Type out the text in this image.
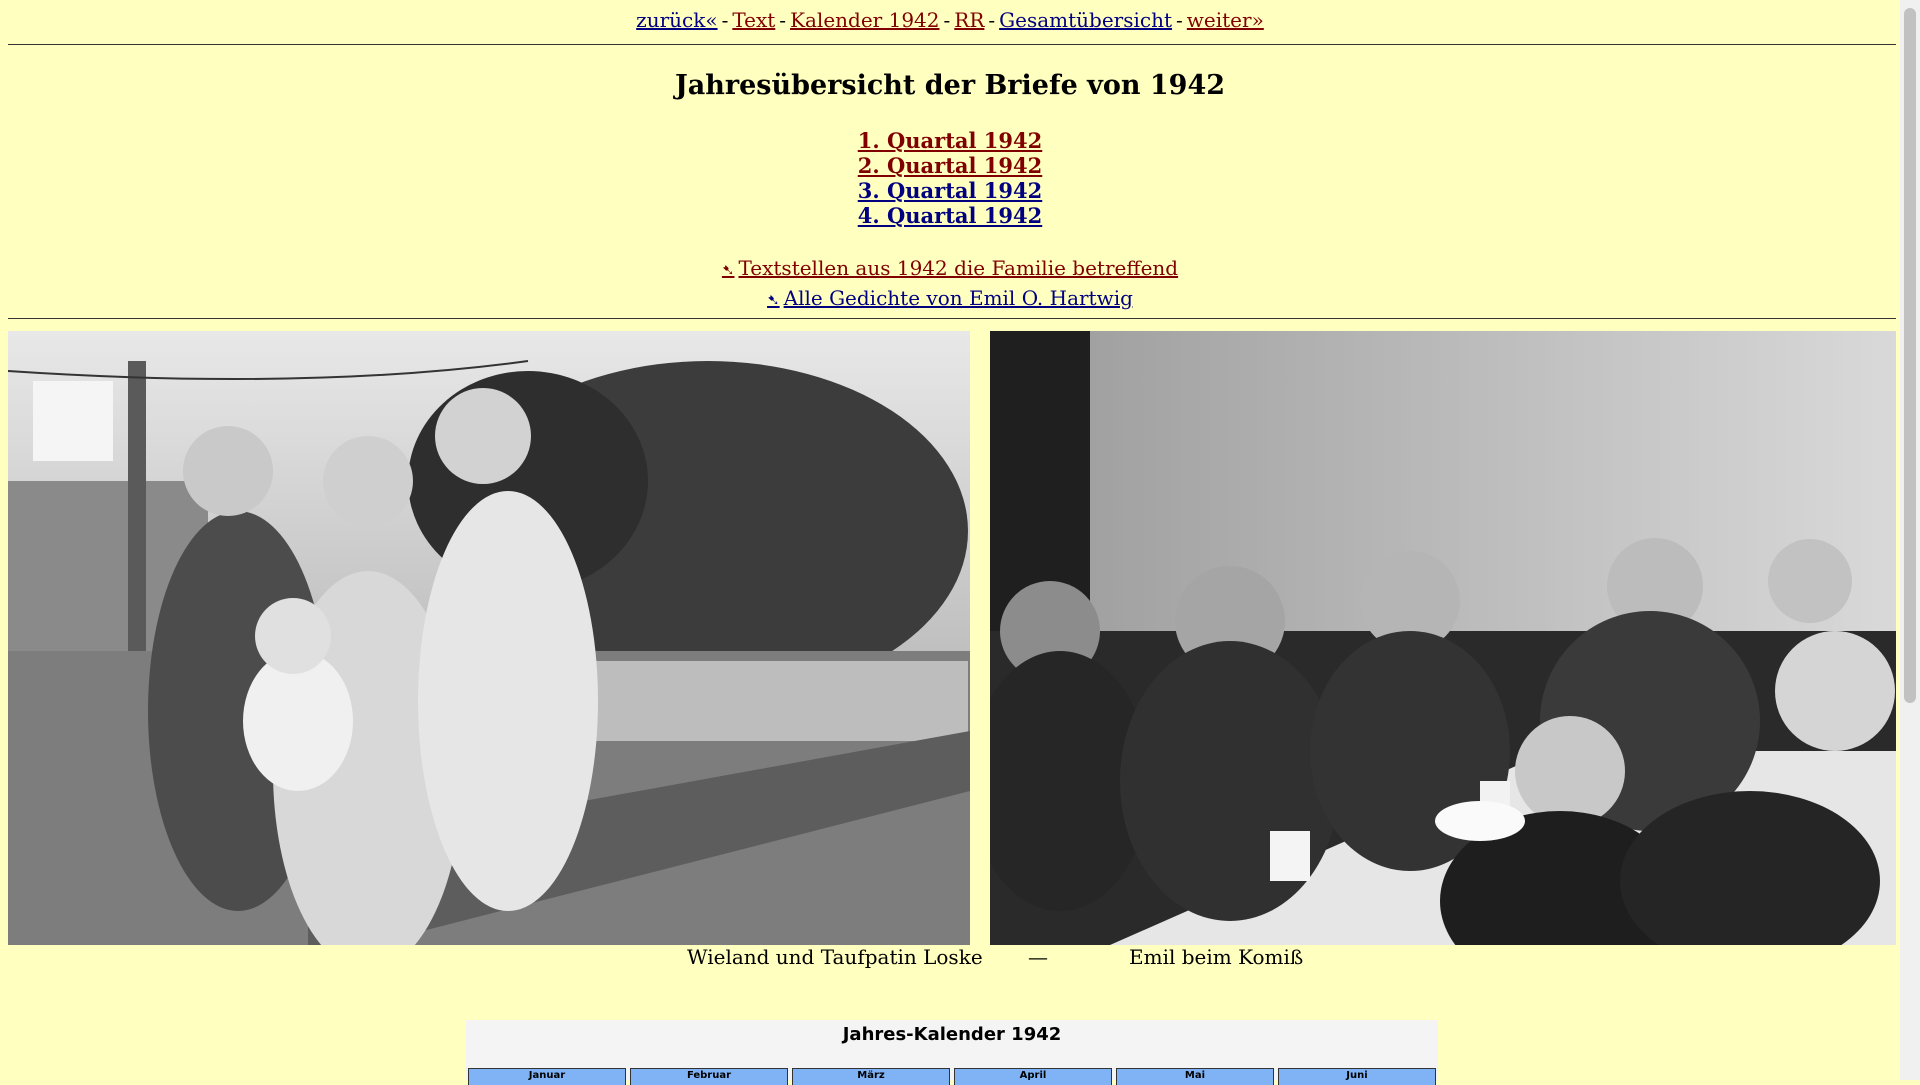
zurück« - Text - Kalender 1942 - RR - Gesamtübersicht - weiter»
Jahresübersicht der Briefe von 1942
1. Quartal 1942
2. Quartal 1942
3. Quartal 1942
4. Quartal 1942
➷ Textstellen aus 1942 die Familie betreffend
➷ Alle Gedichte von Emil O. Hartwig
Wieland und Taufpatin Loske —	Emil beim Komiß
Jahres-Kalender 1942
Januar	Februar	März	April	Mai	Juni
